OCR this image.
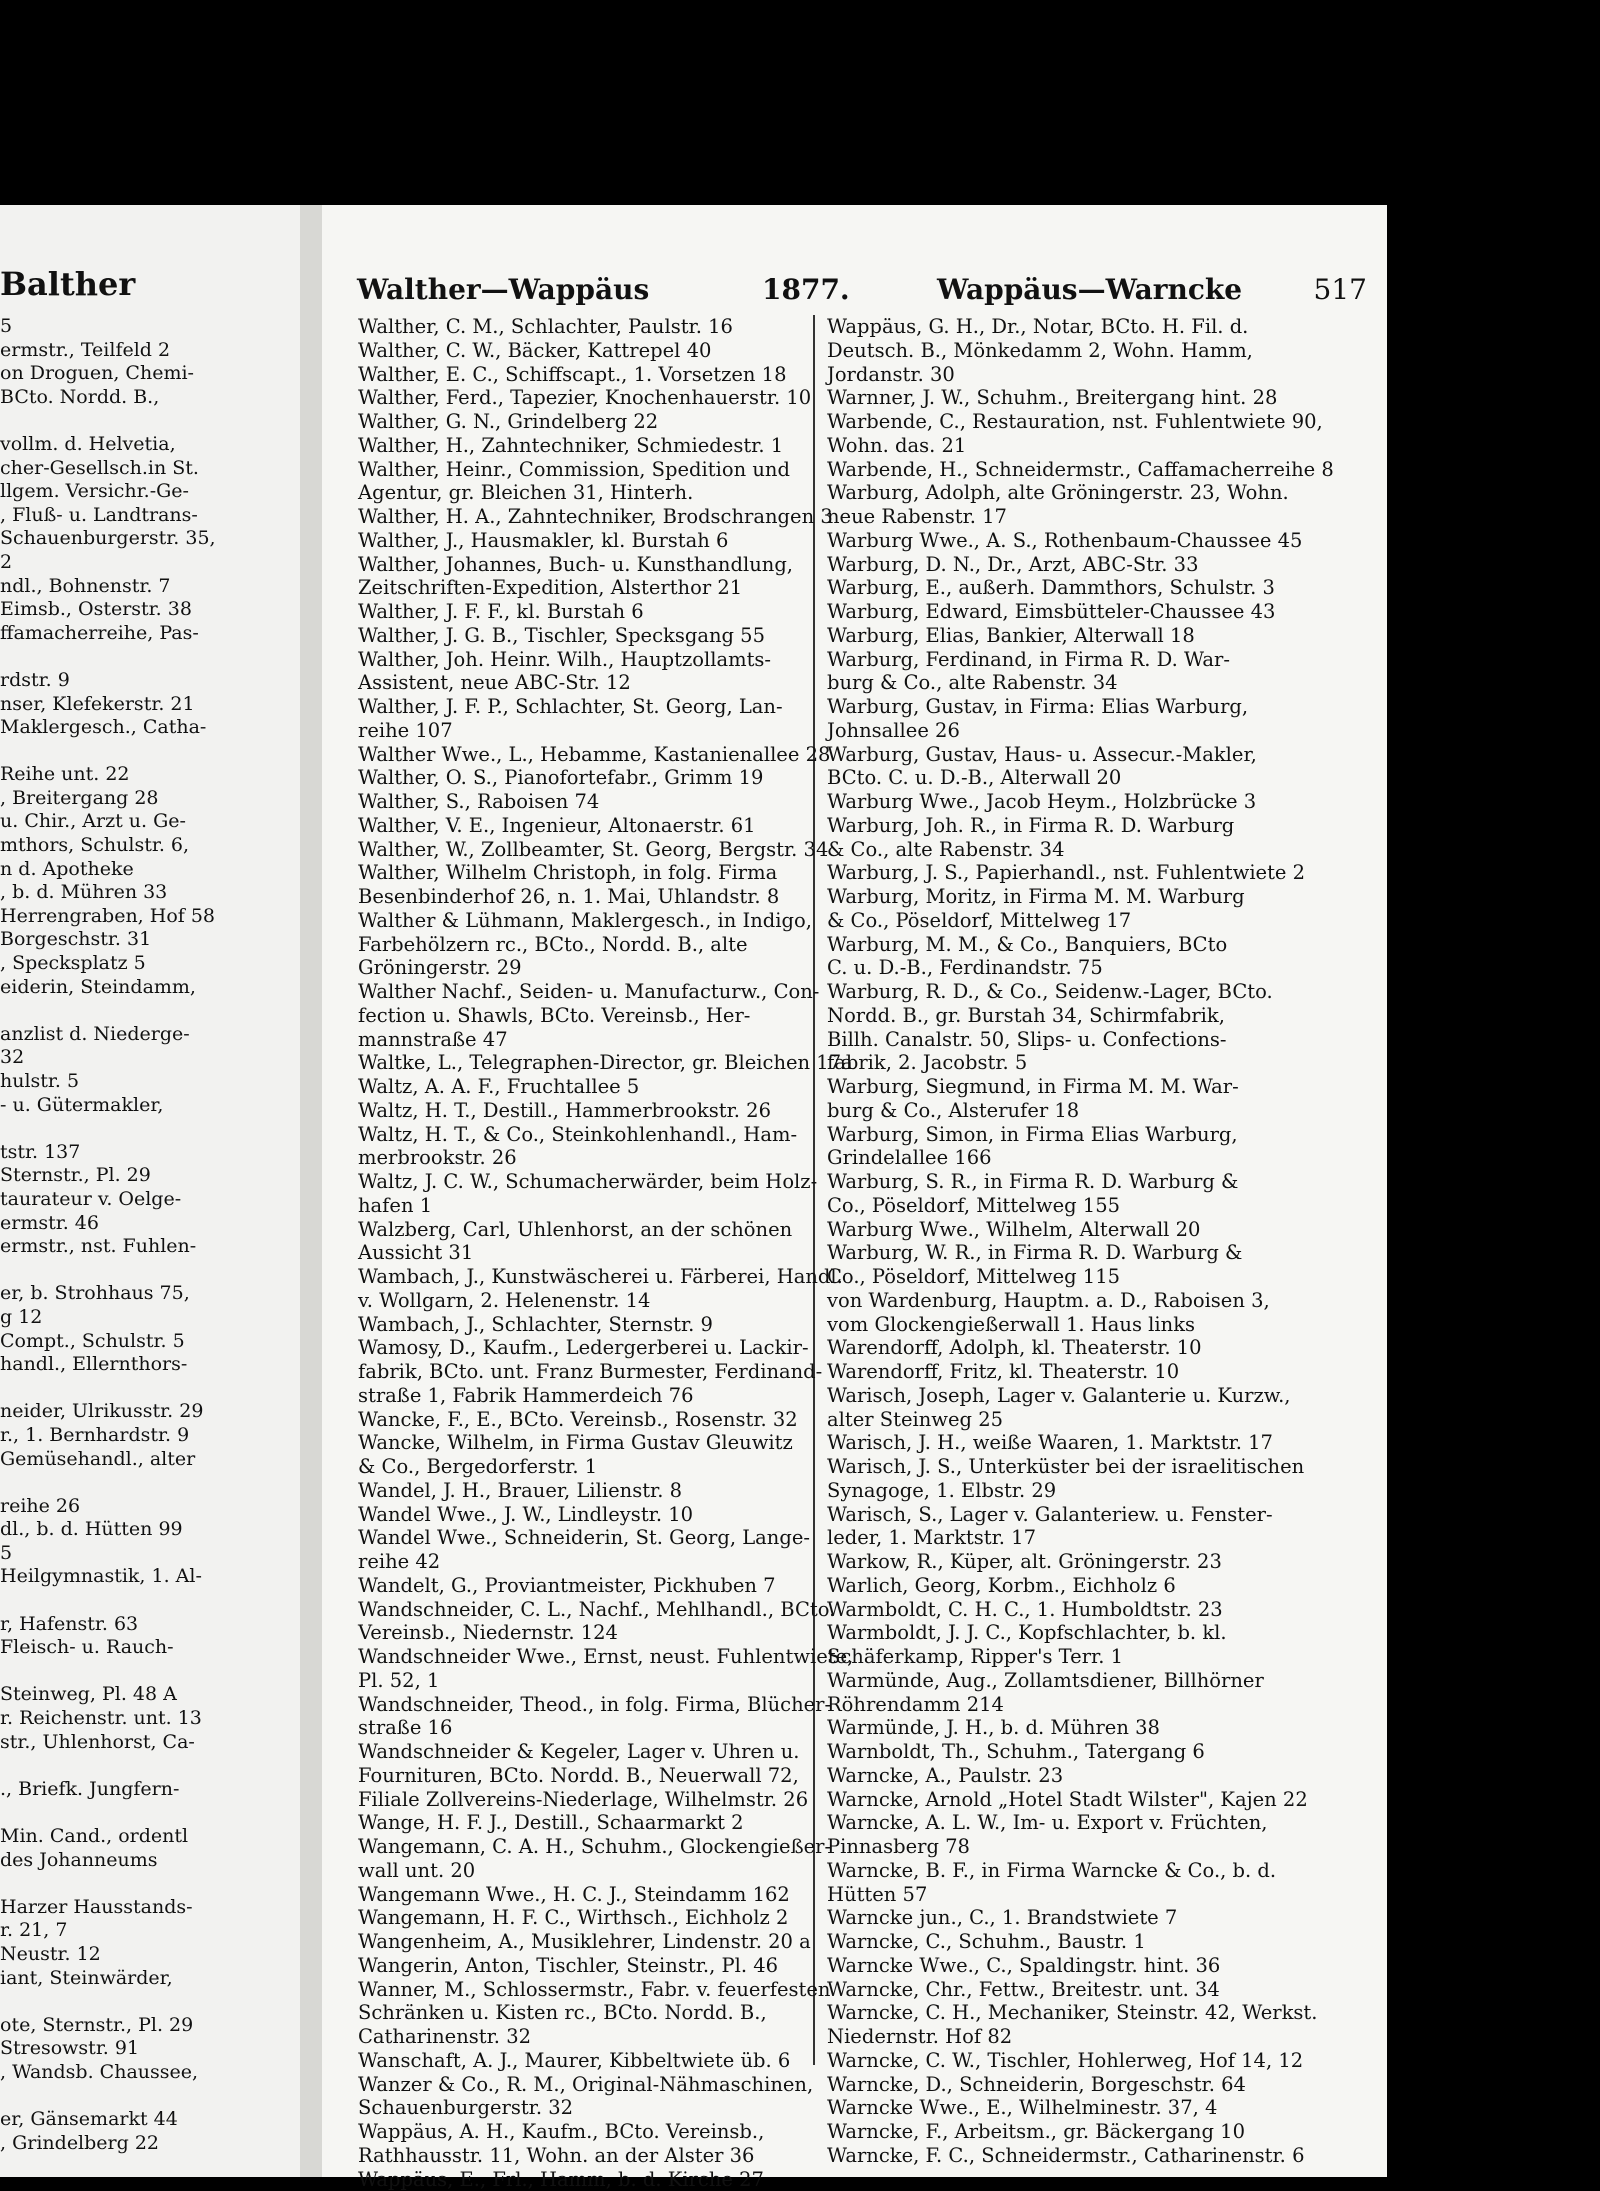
Balther
5
ermstr., Teilfeld 2
on Droguen, Chemi-
BCto. Nordd. B.,

vollm. d. Helvetia,
cher-Gesellsch.in St.
llgem. Versichr.-Ge-
, Fluß- u. Landtrans-
Schauenburgerstr. 35,
2
ndl., Bohnenstr. 7
Eimsb., Osterstr. 38
ffamacherreihe, Pas-

rdstr. 9
nser, Klefekerstr. 21
Maklergesch., Catha-

Reihe unt. 22
, Breitergang 28
u. Chir., Arzt u. Ge-
mthors, Schulstr. 6,
n d. Apotheke
, b. d. Mühren 33
Herrengraben, Hof 58
Borgeschstr. 31
, Specksplatz 5
eiderin, Steindamm,

anzlist d. Niederge-
32
hulstr. 5
- u. Gütermakler,

tstr. 137
Sternstr., Pl. 29
taurateur v. Oelge-
ermstr. 46
ermstr., nst. Fuhlen-

er, b. Strohhaus 75,
g 12
Compt., Schulstr. 5
handl., Ellernthors-

neider, Ulrikusstr. 29
r., 1. Bernhardstr. 9
Gemüsehandl., alter

reihe 26
dl., b. d. Hütten 99
5
Heilgymnastik, 1. Al-

r, Hafenstr. 63
Fleisch- u. Rauch-

Steinweg, Pl. 48 A
r. Reichenstr. unt. 13
str., Uhlenhorst, Ca-

., Briefk. Jungfern-

Min. Cand., ordentl
des Johanneums

Harzer Hausstands-
r. 21, 7
Neustr. 12
iant, Steinwärder,

ote, Sternstr., Pl. 29
Stresowstr. 91
, Wandsb. Chaussee,

er, Gänsemarkt 44
, Grindelberg 22
Walther—Wappäus	1877.	Wappäus—Warncke	517
Walther, C. M., Schlachter, Paulstr. 16
Walther, C. W., Bäcker, Kattrepel 40
Walther, E. C., Schiffscapt., 1. Vorsetzen 18
Walther, Ferd., Tapezier, Knochenhauerstr. 10
Walther, G. N., Grindelberg 22
Walther, H., Zahntechniker, Schmiedestr. 1
Walther, Heinr., Commission, Spedition und
Agentur, gr. Bleichen 31, Hinterh.
Walther, H. A., Zahntechniker, Brodschrangen 3
Walther, J., Hausmakler, kl. Burstah 6
Walther, Johannes, Buch- u. Kunsthandlung,
Zeitschriften-Expedition, Alsterthor 21
Walther, J. F. F., kl. Burstah 6
Walther, J. G. B., Tischler, Specksgang 55
Walther, Joh. Heinr. Wilh., Hauptzollamts-
Assistent, neue ABC-Str. 12
Walther, J. F. P., Schlachter, St. Georg, Lan-
reihe 107
Walther Wwe., L., Hebamme, Kastanienallee 28
Walther, O. S., Pianofortefabr., Grimm 19
Walther, S., Raboisen 74
Walther, V. E., Ingenieur, Altonaerstr. 61
Walther, W., Zollbeamter, St. Georg, Bergstr. 34
Walther, Wilhelm Christoph, in folg. Firma
Besenbinderhof 26, n. 1. Mai, Uhlandstr. 8
Walther & Lühmann, Maklergesch., in Indigo,
Farbehölzern rc., BCto., Nordd. B., alte
Gröningerstr. 29
Walther Nachf., Seiden- u. Manufacturw., Con-
fection u. Shawls, BCto. Vereinsb., Her-
mannstraße 47
Waltke, L., Telegraphen-Director, gr. Bleichen 17a
Waltz, A. A. F., Fruchtallee 5
Waltz, H. T., Destill., Hammerbrookstr. 26
Waltz, H. T., & Co., Steinkohlenhandl., Ham-
merbrookstr. 26
Waltz, J. C. W., Schumacherwärder, beim Holz-
hafen 1
Walzberg, Carl, Uhlenhorst, an der schönen
Aussicht 31
Wambach, J., Kunstwäscherei u. Färberei, Handl.
v. Wollgarn, 2. Helenenstr. 14
Wambach, J., Schlachter, Sternstr. 9
Wamosy, D., Kaufm., Ledergerberei u. Lackir-
fabrik, BCto. unt. Franz Burmester, Ferdinand-
straße 1, Fabrik Hammerdeich 76
Wancke, F., E., BCto. Vereinsb., Rosenstr. 32
Wancke, Wilhelm, in Firma Gustav Gleuwitz
& Co., Bergedorferstr. 1
Wandel, J. H., Brauer, Lilienstr. 8
Wandel Wwe., J. W., Lindleystr. 10
Wandel Wwe., Schneiderin, St. Georg, Lange-
reihe 42
Wandelt, G., Proviantmeister, Pickhuben 7
Wandschneider, C. L., Nachf., Mehlhandl., BCto.
Vereinsb., Niedernstr. 124
Wandschneider Wwe., Ernst, neust. Fuhlentwiete,
Pl. 52, 1
Wandschneider, Theod., in folg. Firma, Blücher-
straße 16
Wandschneider & Kegeler, Lager v. Uhren u.
Fournituren, BCto. Nordd. B., Neuerwall 72,
Filiale Zollvereins-Niederlage, Wilhelmstr. 26
Wange, H. F. J., Destill., Schaarmarkt 2
Wangemann, C. A. H., Schuhm., Glockengießer-
wall unt. 20
Wangemann Wwe., H. C. J., Steindamm 162
Wangemann, H. F. C., Wirthsch., Eichholz 2
Wangenheim, A., Musiklehrer, Lindenstr. 20 a
Wangerin, Anton, Tischler, Steinstr., Pl. 46
Wanner, M., Schlossermstr., Fabr. v. feuerfesten
Schränken u. Kisten rc., BCto. Nordd. B.,
Catharinenstr. 32
Wanschaft, A. J., Maurer, Kibbeltwiete üb. 6
Wanzer & Co., R. M., Original-Nähmaschinen,
Schauenburgerstr. 32
Wappäus, A. H., Kaufm., BCto. Vereinsb.,
Rathhausstr. 11, Wohn. an der Alster 36
Wappäus, E., Frl., Hamm, b. d. Kirche 27
Wappäus, G. H., Dr., Notar, BCto. H. Fil. d.
Deutsch. B., Mönkedamm 2, Wohn. Hamm,
Jordanstr. 30
Warnner, J. W., Schuhm., Breitergang hint. 28
Warbende, C., Restauration, nst. Fuhlentwiete 90,
Wohn. das. 21
Warbende, H., Schneidermstr., Caffamacherreihe 8
Warburg, Adolph, alte Gröningerstr. 23, Wohn.
neue Rabenstr. 17
Warburg Wwe., A. S., Rothenbaum-Chaussee 45
Warburg, D. N., Dr., Arzt, ABC-Str. 33
Warburg, E., außerh. Dammthors, Schulstr. 3
Warburg, Edward, Eimsbütteler-Chaussee 43
Warburg, Elias, Bankier, Alterwall 18
Warburg, Ferdinand, in Firma R. D. War-
burg & Co., alte Rabenstr. 34
Warburg, Gustav, in Firma: Elias Warburg,
Johnsallee 26
Warburg, Gustav, Haus- u. Assecur.-Makler,
BCto. C. u. D.-B., Alterwall 20
Warburg Wwe., Jacob Heym., Holzbrücke 3
Warburg, Joh. R., in Firma R. D. Warburg
& Co., alte Rabenstr. 34
Warburg, J. S., Papierhandl., nst. Fuhlentwiete 2
Warburg, Moritz, in Firma M. M. Warburg
& Co., Pöseldorf, Mittelweg 17
Warburg, M. M., & Co., Banquiers, BCto
C. u. D.-B., Ferdinandstr. 75
Warburg, R. D., & Co., Seidenw.-Lager, BCto.
Nordd. B., gr. Burstah 34, Schirmfabrik,
Billh. Canalstr. 50, Slips- u. Confections-
fabrik, 2. Jacobstr. 5
Warburg, Siegmund, in Firma M. M. War-
burg & Co., Alsterufer 18
Warburg, Simon, in Firma Elias Warburg,
Grindelallee 166
Warburg, S. R., in Firma R. D. Warburg &
Co., Pöseldorf, Mittelweg 155
Warburg Wwe., Wilhelm, Alterwall 20
Warburg, W. R., in Firma R. D. Warburg &
Co., Pöseldorf, Mittelweg 115
von Wardenburg, Hauptm. a. D., Raboisen 3,
vom Glockengießerwall 1. Haus links
Warendorff, Adolph, kl. Theaterstr. 10
Warendorff, Fritz, kl. Theaterstr. 10
Warisch, Joseph, Lager v. Galanterie u. Kurzw.,
alter Steinweg 25
Warisch, J. H., weiße Waaren, 1. Marktstr. 17
Warisch, J. S., Unterküster bei der israelitischen
Synagoge, 1. Elbstr. 29
Warisch, S., Lager v. Galanteriew. u. Fenster-
leder, 1. Marktstr. 17
Warkow, R., Küper, alt. Gröningerstr. 23
Warlich, Georg, Korbm., Eichholz 6
Warmboldt, C. H. C., 1. Humboldtstr. 23
Warmboldt, J. J. C., Kopfschlachter, b. kl.
Schäferkamp, Ripper's Terr. 1
Warmünde, Aug., Zollamtsdiener, Billhörner
Röhrendamm 214
Warmünde, J. H., b. d. Mühren 38
Warnboldt, Th., Schuhm., Tatergang 6
Warncke, A., Paulstr. 23
Warncke, Arnold „Hotel Stadt Wilster", Kajen 22
Warncke, A. L. W., Im- u. Export v. Früchten,
Pinnasberg 78
Warncke, B. F., in Firma Warncke & Co., b. d.
Hütten 57
Warncke jun., C., 1. Brandstwiete 7
Warncke, C., Schuhm., Baustr. 1
Warncke Wwe., C., Spaldingstr. hint. 36
Warncke, Chr., Fettw., Breitestr. unt. 34
Warncke, C. H., Mechaniker, Steinstr. 42, Werkst.
Niedernstr. Hof 82
Warncke, C. W., Tischler, Hohlerweg, Hof 14, 12
Warncke, D., Schneiderin, Borgeschstr. 64
Warncke Wwe., E., Wilhelminestr. 37, 4
Warncke, F., Arbeitsm., gr. Bäckergang 10
Warncke, F. C., Schneidermstr., Catharinenstr. 6
